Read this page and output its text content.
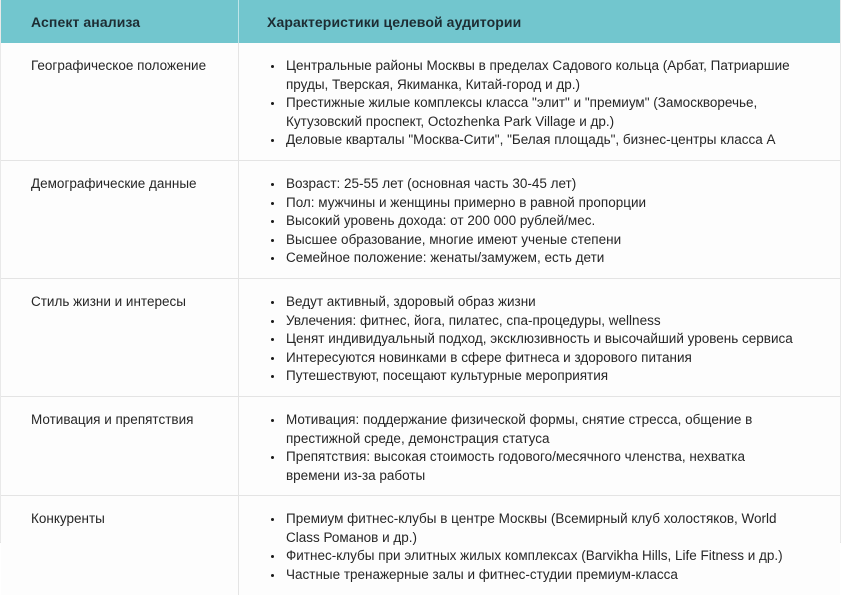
Аспект анализа	Характеристики целевой аудитории
Географическое положение	• Центральные районы Москвы в пределах Садового кольца (Арбат, Патриаршие пруды, Тверская, Якиманка, Китай-город и др.)
• Престижные жилые комплексы класса "элит" и "премиум" (Замоскворечье, Кутузовский проспект, Octozhenka Park Village и др.)
• Деловые кварталы "Москва-Сити", "Белая площадь", бизнес-центры класса А
Демографические данные	• Возраст: 25-55 лет (основная часть 30-45 лет)
• Пол: мужчины и женщины примерно в равной пропорции
• Высокий уровень дохода: от 200 000 рублей/мес.
• Высшее образование, многие имеют ученые степени
• Семейное положение: женаты/замужем, есть дети
Стиль жизни и интересы	• Ведут активный, здоровый образ жизни
• Увлечения: фитнес, йога, пилатес, спа-процедуры, wellness
• Ценят индивидуальный подход, эксклюзивность и высочайший уровень сервиса
• Интересуются новинками в сфере фитнеса и здорового питания
• Путешествуют, посещают культурные мероприятия
Мотивация и препятствия	• Мотивация: поддержание физической формы, снятие стресса, общение в престижной среде, демонстрация статуса
• Препятствия: высокая стоимость годового/месячного членства, нехватка времени из-за работы
Конкуренты	• Премиум фитнес-клубы в центре Москвы (Всемирный клуб холостяков, World Class Романов и др.)
• Фитнес-клубы при элитных жилых комплексах (Barvikha Hills, Life Fitness и др.)
• Частные тренажерные залы и фитнес-студии премиум-класса
